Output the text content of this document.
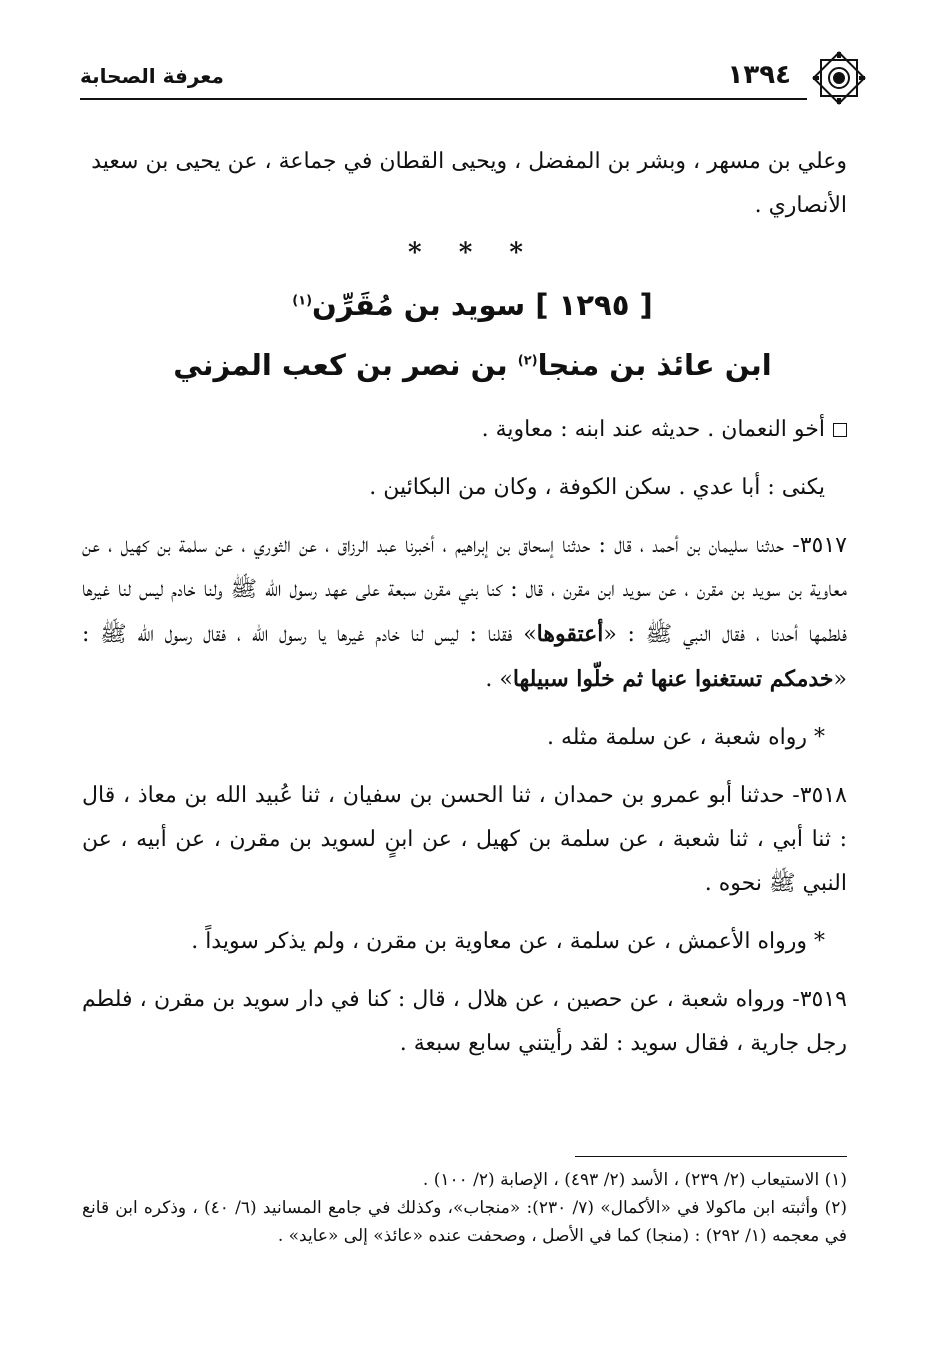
معرفة الصحابة	١٣٩٤

وعلي بن مسهر ، وبشر بن المفضل ، ويحيى القطان في جماعة ، عن يحيى بن سعيد

الأنصاري .

* * *
[ ١٢٩٥ ] سويد بن مُقَرِّن$^{(١)}$
ابن عائذ بن منجا$^{(٢)}$ بن نصر بن كعب المزني

أخو النعمان . حديثه عند ابنه : معاوية .

يكنى : أبا عدي . سكن الكوفة ، وكان من البكائين .

٣٥١٧- حدثنا سليمان بن أحمد ، قال : حدثنا إسحاق بن إبراهيم ، أخبرنا عبد الرزاق ، عن الثوري ، عن سلمة بن كهيل ، عن معاوية بن سويد بن مقرن ، عن سويد ابن مقرن ، قال : كنا بني مقرن سبعة على عهد رسول الله ﷺ ولنا خادم ليس لنا غيرها فلطمها أحدنا ، فقال النبي ﷺ : «أعتقوها» فقلنا : ليس لنا خادم غيرها يا رسول الله ، فقال رسول الله ﷺ : «خدمكم تستغنوا عنها ثم خلّوا سبيلها» .

* رواه شعبة ، عن سلمة مثله .

٣٥١٨- حدثنا أبو عمرو بن حمدان ، ثنا الحسن بن سفيان ، ثنا عُبيد الله بن معاذ ، قال : ثنا أبي ، ثنا شعبة ، عن سلمة بن كهيل ، عن ابنٍ لسويد بن مقرن ، عن أبيه ، عن النبي ﷺ نحوه .

* ورواه الأعمش ، عن سلمة ، عن معاوية بن مقرن ، ولم يذكر سويداً .

٣٥١٩- ورواه شعبة ، عن حصين ، عن هلال ، قال : كنا في دار سويد بن مقرن ، فلطم رجل جارية ، فقال سويد : لقد رأيتني سابع سبعة .

(١) الاستيعاب (٢/ ٢٣٩) ، الأسد (٢/ ٤٩٣) ، الإصابة (٢/ ١٠٠) .

(٢) وأثبته ابن ماكولا في «الأكمال» (٧/ ٢٣٠): «منجاب»، وكذلك في جامع المسانيد (٦/ ٤٠) ، وذكره ابن قانع في معجمه (١/ ٢٩٢) : (منجا) كما في الأصل ، وصحفت عنده «عائذ» إلى «عايد» .
